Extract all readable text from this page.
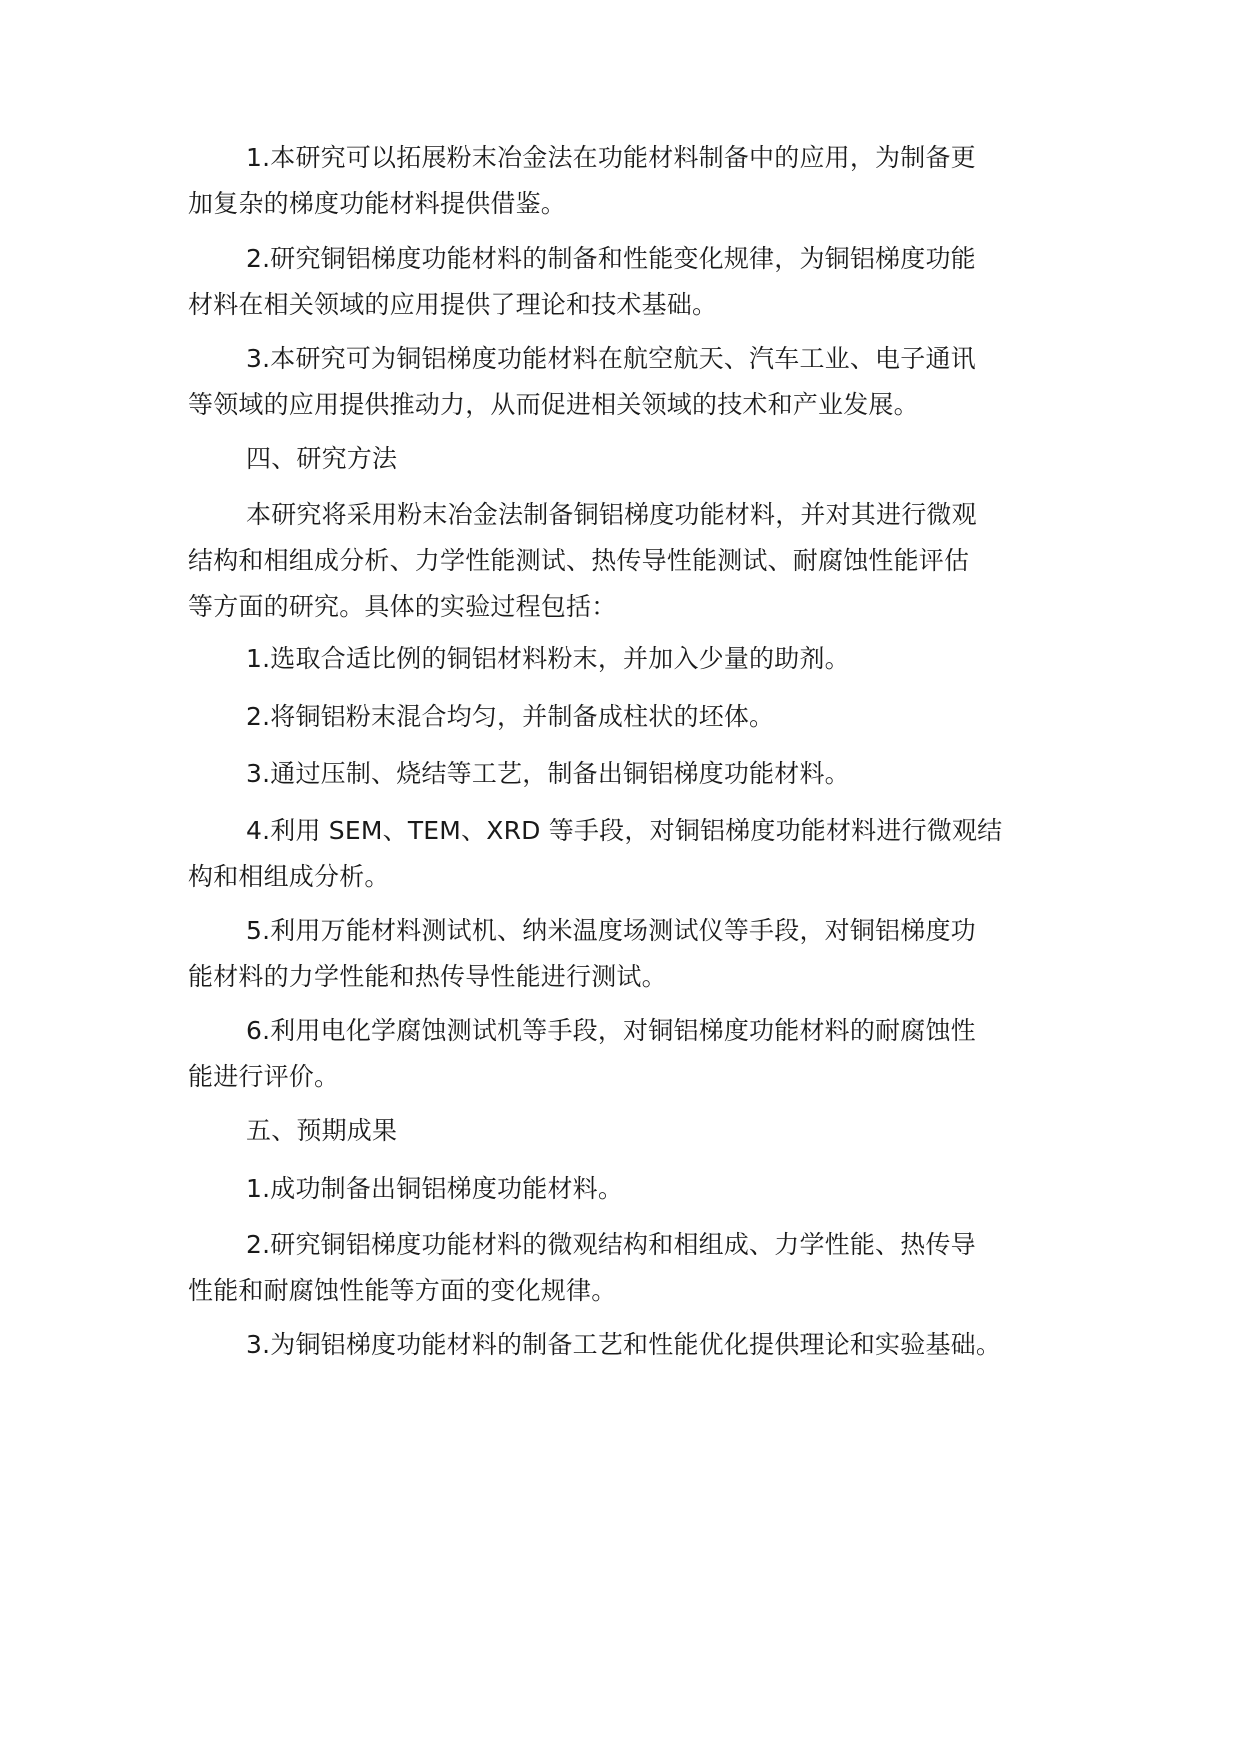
1.本研究可以拓展粉末冶金法在功能材料制备中的应用，为制备更
加复杂的梯度功能材料提供借鉴。

2.研究铜铝梯度功能材料的制备和性能变化规律，为铜铝梯度功能
材料在相关领域的应用提供了理论和技术基础。

3.本研究可为铜铝梯度功能材料在航空航天、汽车工业、电子通讯
等领域的应用提供推动力，从而促进相关领域的技术和产业发展。

四、研究方法

本研究将采用粉末冶金法制备铜铝梯度功能材料，并对其进行微观
结构和相组成分析、力学性能测试、热传导性能测试、耐腐蚀性能评估
等方面的研究。具体的实验过程包括：

1.选取合适比例的铜铝材料粉末，并加入少量的助剂。

2.将铜铝粉末混合均匀，并制备成柱状的坯体。

3.通过压制、烧结等工艺，制备出铜铝梯度功能材料。

4.利用 SEM、TEM、XRD 等手段，对铜铝梯度功能材料进行微观结
构和相组成分析。

5.利用万能材料测试机、纳米温度场测试仪等手段，对铜铝梯度功
能材料的力学性能和热传导性能进行测试。

6.利用电化学腐蚀测试机等手段，对铜铝梯度功能材料的耐腐蚀性
能进行评价。

五、预期成果

1.成功制备出铜铝梯度功能材料。

2.研究铜铝梯度功能材料的微观结构和相组成、力学性能、热传导
性能和耐腐蚀性能等方面的变化规律。

3.为铜铝梯度功能材料的制备工艺和性能优化提供理论和实验基础。
